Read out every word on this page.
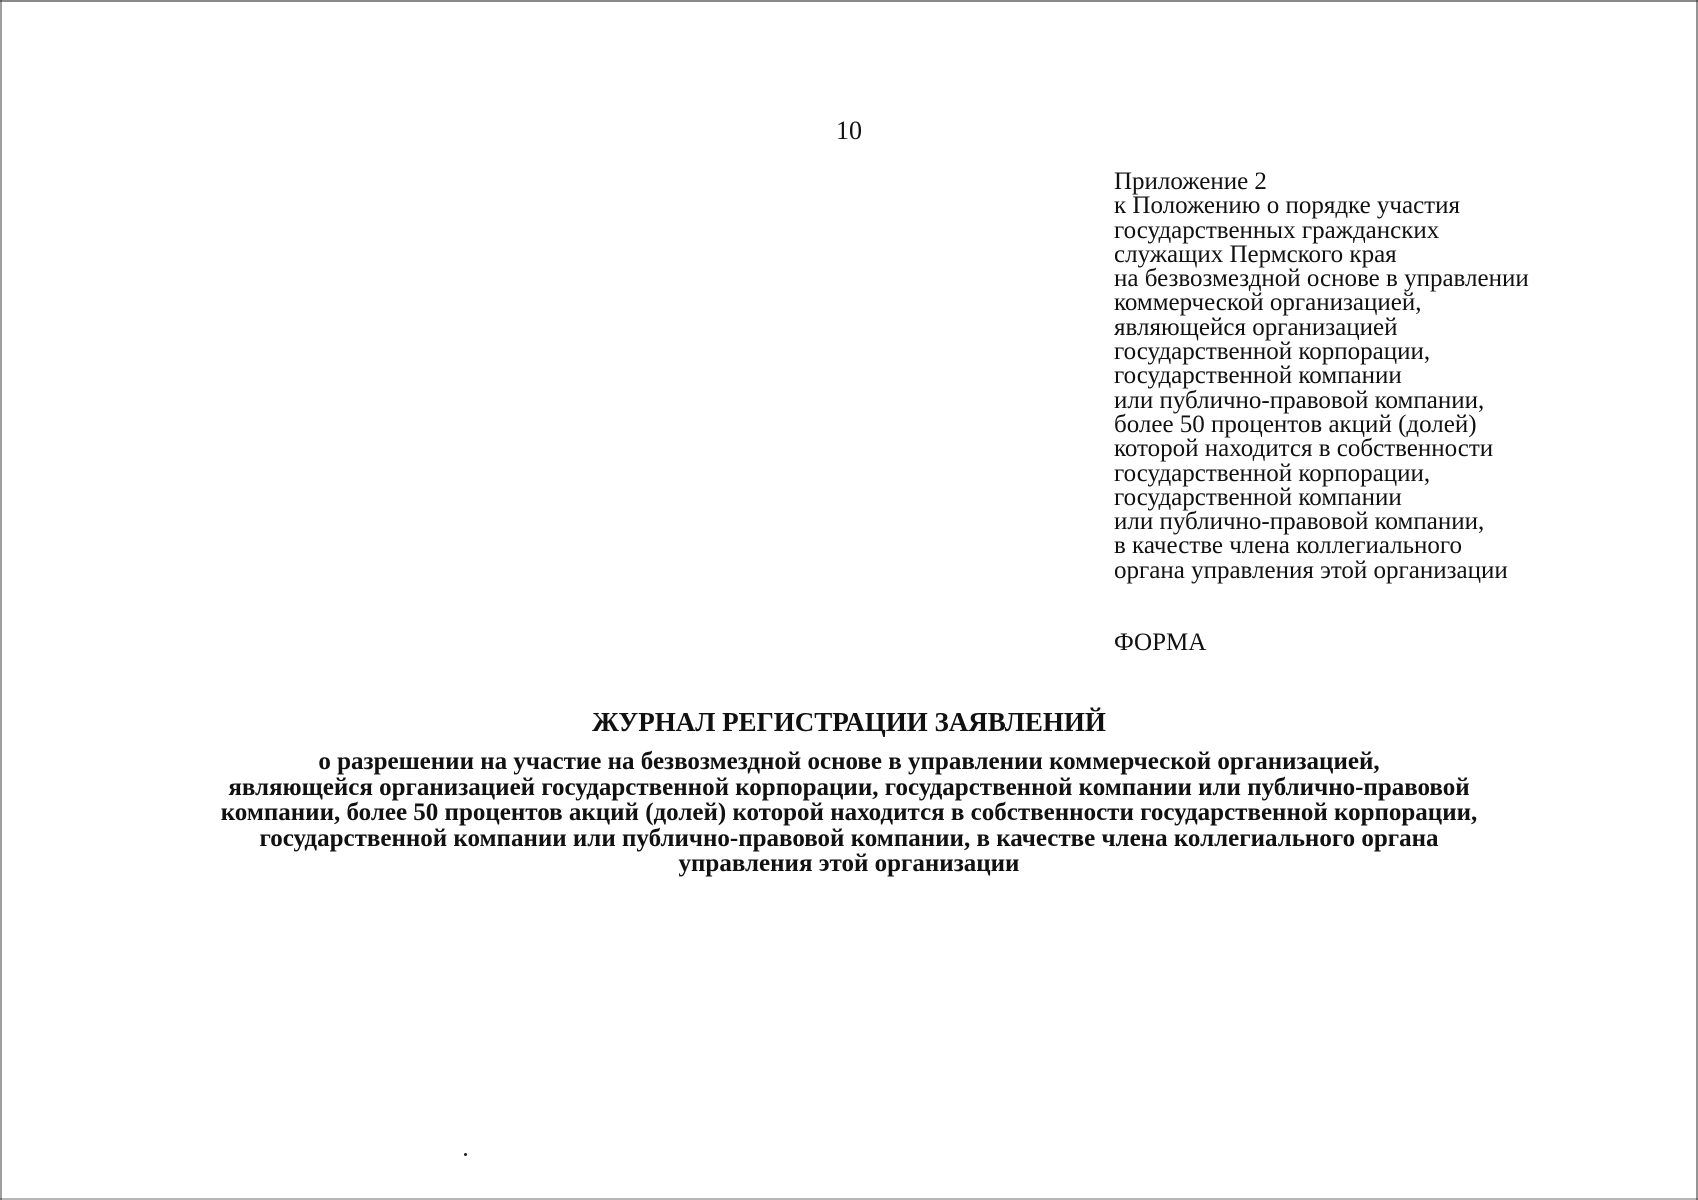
10
Приложение 2
к Положению о порядке участия
государственных гражданских
служащих Пермского края
на безвозмездной основе в управлении
коммерческой организацией,
являющейся организацией
государственной корпорации,
государственной компании
или публично-правовой компании,
более 50 процентов акций (долей)
которой находится в собственности
государственной корпорации,
государственной компании
или публично-правовой компании,
в качестве члена коллегиального
органа управления этой организации
ФОРМА
ЖУРНАЛ РЕГИСТРАЦИИ ЗАЯВЛЕНИЙ
о разрешении на участие на безвозмездной основе в управлении коммерческой организацией,
являющейся организацией государственной корпорации, государственной компании или публично-правовой
компании, более 50 процентов акций (долей) которой находится в собственности государственной корпорации,
государственной компании или публично-правовой компании, в качестве члена коллегиального органа
управления этой организации
